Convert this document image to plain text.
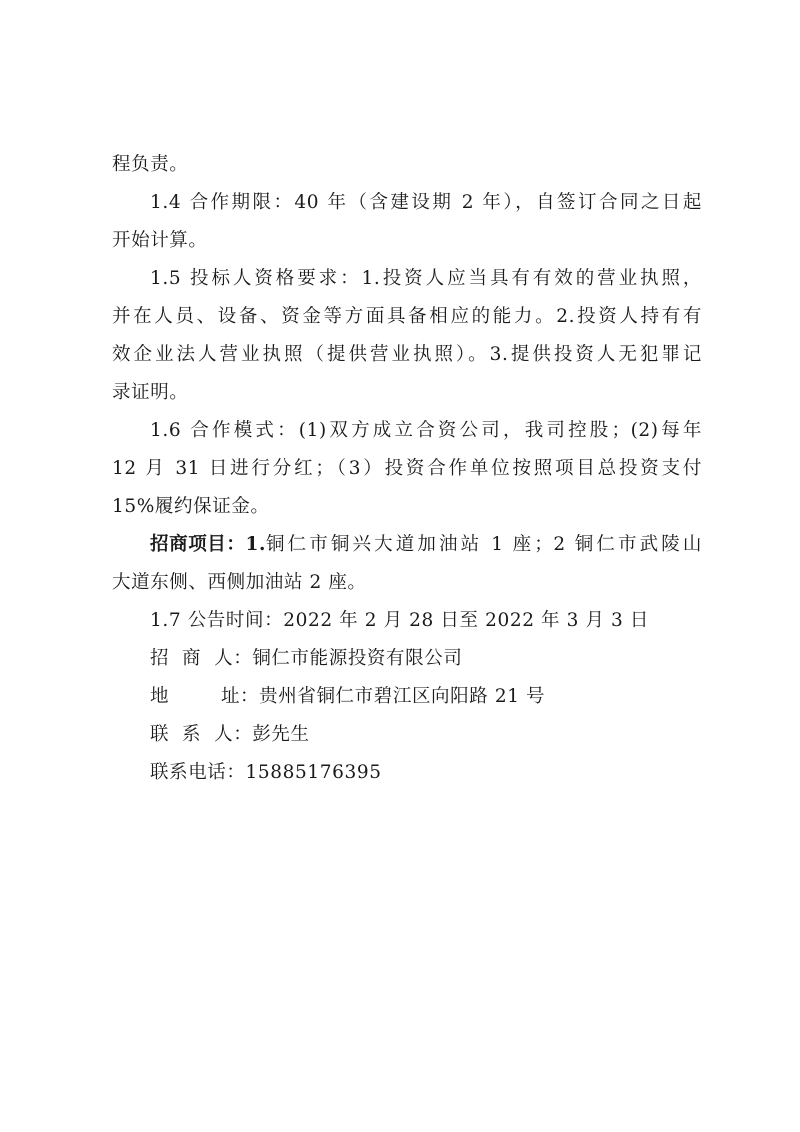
程负责。
1.4 合作期限：40 年（含建设期 2 年），自签订合同之日起
开始计算。
1.5 投标人资格要求：1.投资人应当具有有效的营业执照，
并在人员、设备、资金等方面具备相应的能力。2.投资人持有有
效企业法人营业执照（提供营业执照）。3.提供投资人无犯罪记
录证明。
1.6 合作模式：(1)双方成立合资公司，我司控股；(2)每年
12 月 31 日进行分红；（3）投资合作单位按照项目总投资支付
15%履约保证金。
招商项目：1. 铜仁市铜兴大道加油站 1 座；2 铜仁市武陵山
大道东侧、西侧加油站 2 座。
1.7 公告时间：2022 年 2 月 28 日至 2022 年 3 月 3 日
招  商  人：铜仁市能源投资有限公司
地        址：贵州省铜仁市碧江区向阳路 21 号
联  系  人：彭先生
联系电话：15885176395
